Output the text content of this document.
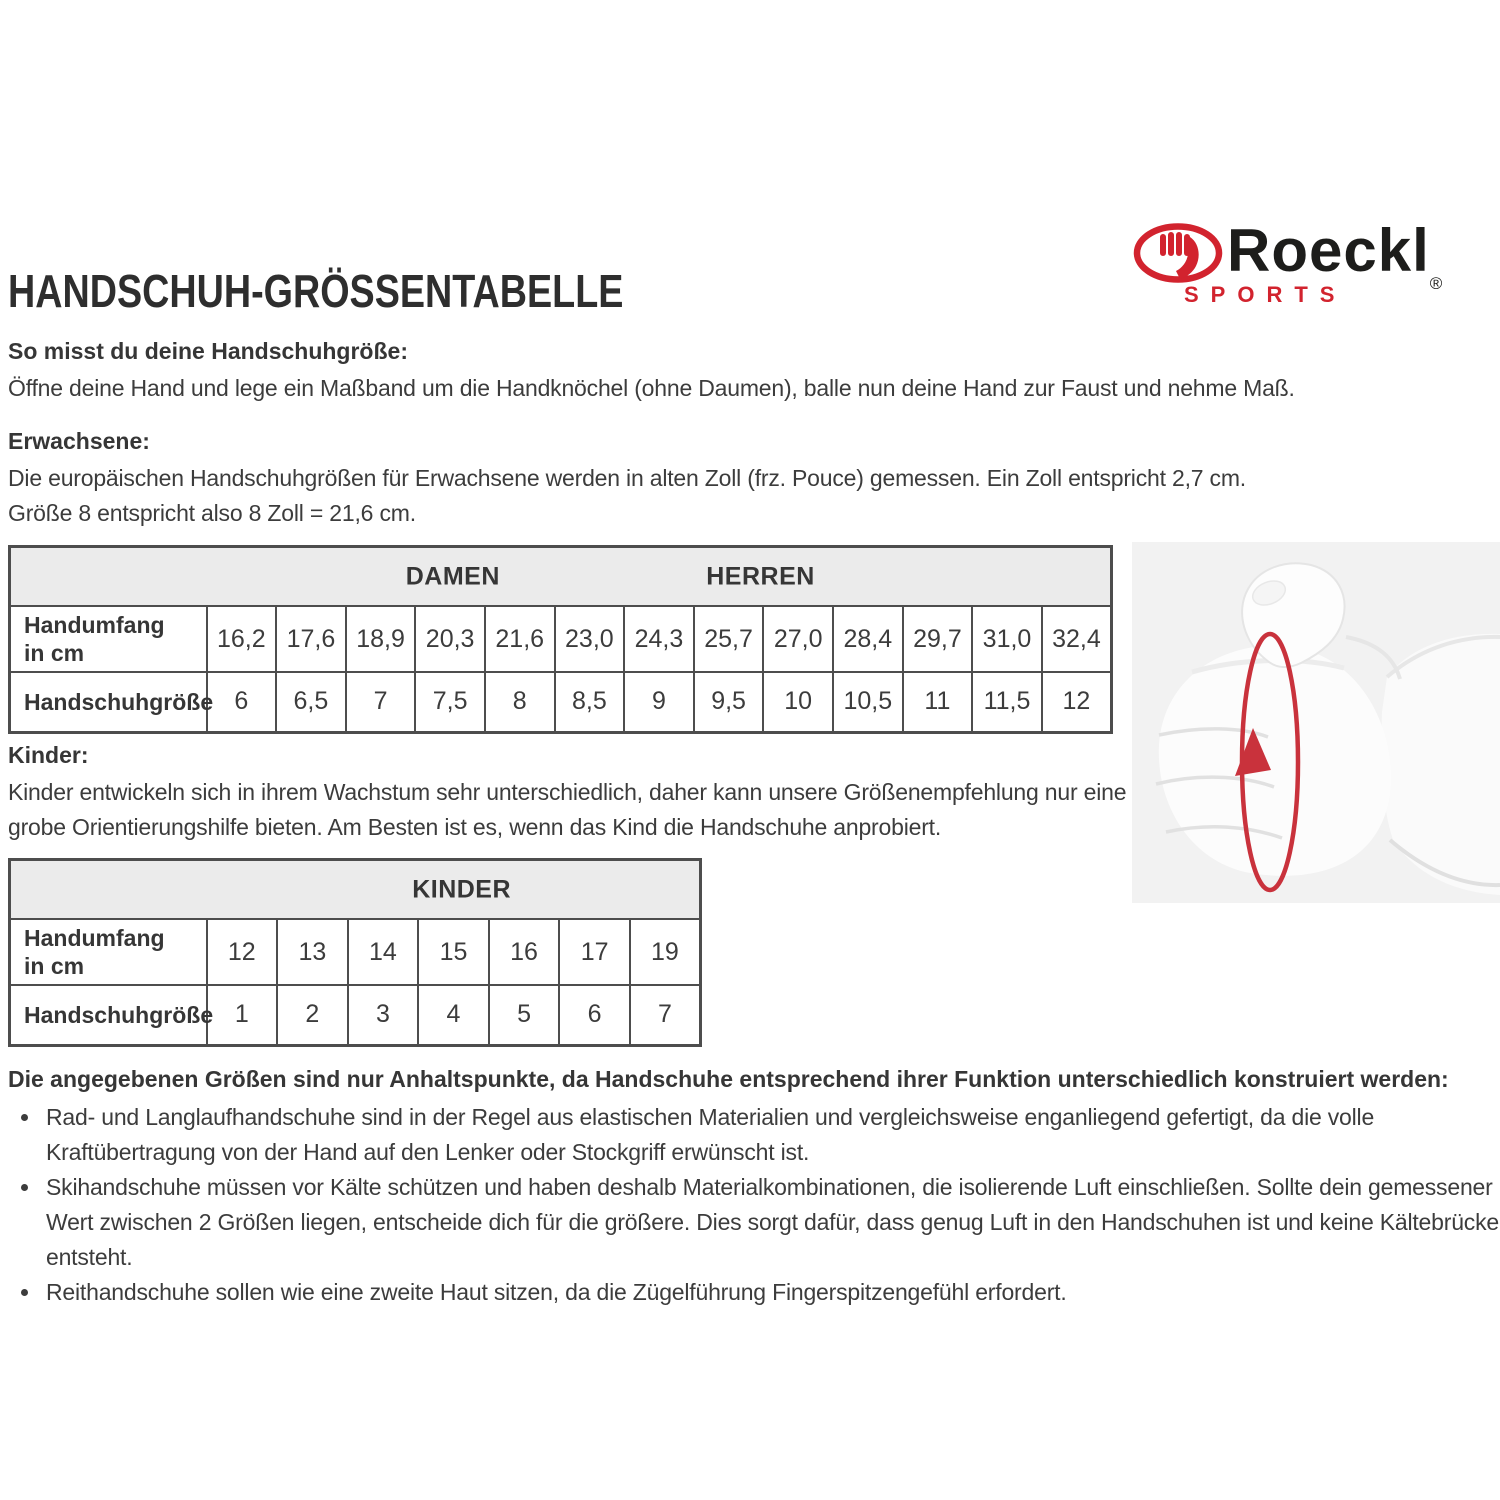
HANDSCHUH-GRÖSSENTABELLE
Roeckl$_®$
SPORTS
So misst du deine Handschuhgröße:
Öffne deine Hand und lege ein Maßband um die Handknöchel (ohne Daumen), balle nun deine Hand zur Faust und nehme Maß.
Erwachsene:
Die europäischen Handschuhgrößen für Erwachsene werden in alten Zoll (frz. Pouce) gemessen. Ein Zoll entspricht 2,7 cm.
Größe 8 entspricht also 8 Zoll = 21,6 cm.
DAMEN HERREN													

Handumfang
in cm	16,2	17,6	18,9	20,3	21,6	23,0	24,3	25,7	27,0	28,4	29,7	31,0	32,4

Handschuhgröße	6	6,5	7	7,5	8	8,5	9	9,5	10	10,5	11	11,5	12
Kinder:
Kinder entwickeln sich in ihrem Wachstum sehr unterschiedlich, daher kann unsere Größenempfehlung nur eine grobe Orientierungshilfe bieten. Am Besten ist es, wenn das Kind die Handschuhe anprobiert.
KINDER							

Handumfang
in cm	12	13	14	15	16	17	19

Handschuhgröße	1	2	3	4	5	6	7
Die angegebenen Größen sind nur Anhaltspunkte, da Handschuhe entsprechend ihrer Funktion unterschiedlich konstruiert werden:
• Rad- und Langlaufhandschuhe sind in der Regel aus elastischen Materialien und vergleichsweise enganliegend gefertigt, da die volle Kraftübertragung von der Hand auf den Lenker oder Stockgriff erwünscht ist.
• Skihandschuhe müssen vor Kälte schützen und haben deshalb Materialkombinationen, die isolierende Luft einschließen. Sollte dein gemessener Wert zwischen 2 Größen liegen, entscheide dich für die größere. Dies sorgt dafür, dass genug Luft in den Handschuhen ist und keine Kältebrücke entsteht.
• Reithandschuhe sollen wie eine zweite Haut sitzen, da die Zügelführung Fingerspitzengefühl erfordert.
